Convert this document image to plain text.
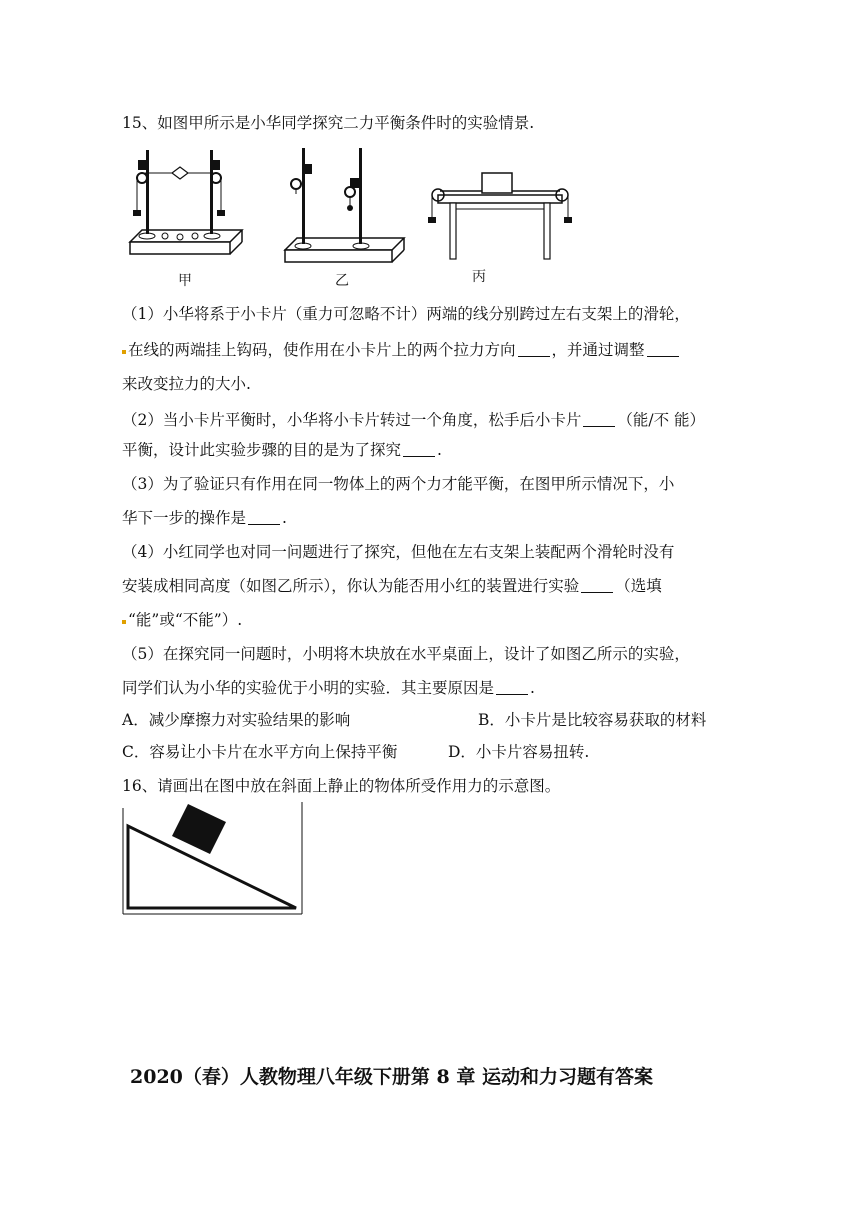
15、如图甲所示是小华同学探究二力平衡条件时的实验情景.
甲	乙	丙
（1）小华将系于小卡片（重力可忽略不计）两端的线分别跨过左右支架上的滑轮，
在线的两端挂上钩码，使作用在小卡片上的两个拉力方向 ，并通过调整
来改变拉力的大小.
（2）当小卡片平衡时，小华将小卡片转过一个角度，松手后小卡片 （能/不 能）
平衡，设计此实验步骤的目的是为了探究 .
（3）为了验证只有作用在同一物体上的两个力才能平衡，在图甲所示情况下，小
华下一步的操作是 .
（4）小红同学也对同一问题进行了探究，但他在左右支架上装配两个滑轮时没有
安装成相同高度（如图乙所示），你认为能否用小红的装置进行实验 （选填
“能”或“不能”）.
（5）在探究同一问题时，小明将木块放在水平桌面上，设计了如图乙所示的实验，
同学们认为小华的实验优于小明的实验．其主要原因是 .
A．减少摩擦力对实验结果的影响	B．小卡片是比较容易获取的材料
C．容易让小卡片在水平方向上保持平衡	D．小卡片容易扭转.
16、请画出在图中放在斜面上静止的物体所受作用力的示意图。
2020（春）人教物理八年级下册第 8 章 运动和力习题有答案
